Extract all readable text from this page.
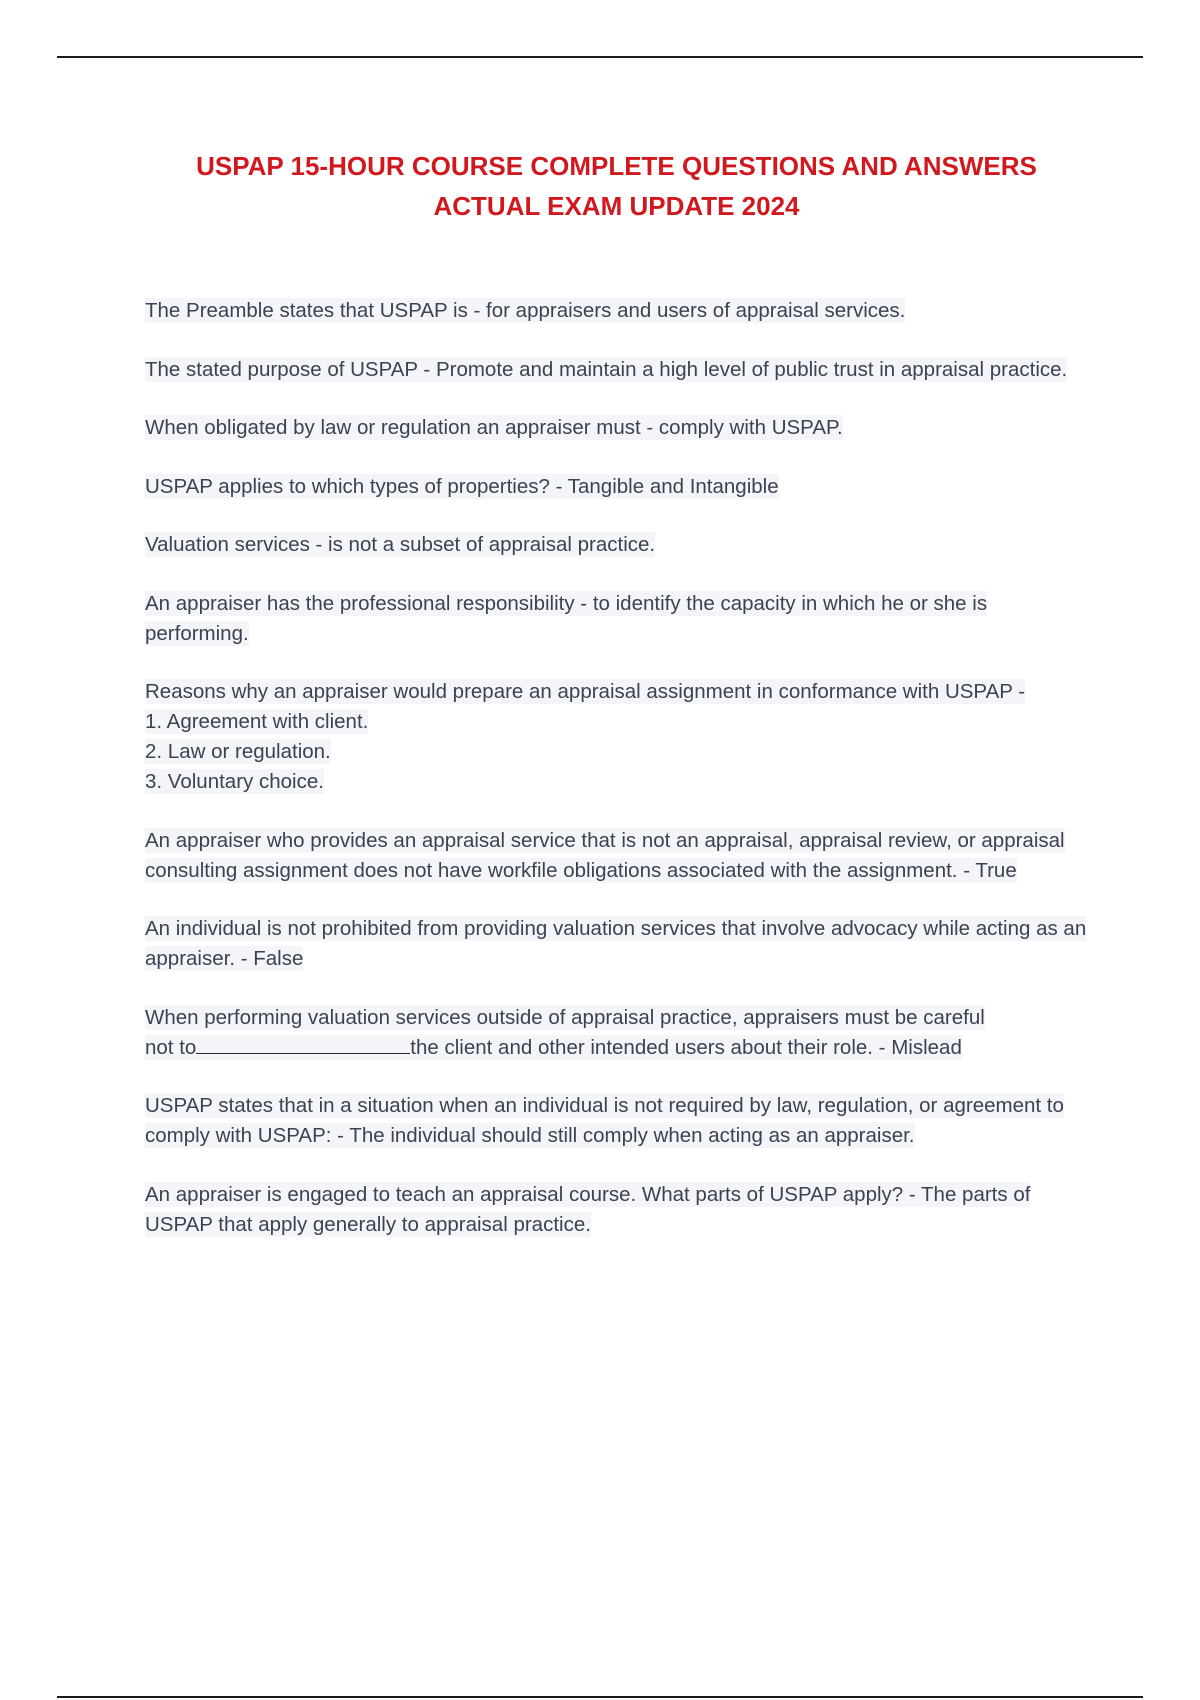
USPAP 15-HOUR COURSE COMPLETE QUESTIONS AND ANSWERS
ACTUAL EXAM UPDATE 2024

The Preamble states that USPAP is - for appraisers and users of appraisal services.

The stated purpose of USPAP - Promote and maintain a high level of public trust in appraisal practice.

When obligated by law or regulation an appraiser must - comply with USPAP.

USPAP applies to which types of properties? - Tangible and Intangible

Valuation services - is not a subset of appraisal practice.

An appraiser has the professional responsibility - to identify the capacity in which he or she is performing.

Reasons why an appraiser would prepare an appraisal assignment in conformance with USPAP -
1. Agreement with client.
2. Law or regulation.
3. Voluntary choice.

An appraiser who provides an appraisal service that is not an appraisal, appraisal review, or appraisal consulting assignment does not have workfile obligations associated with the assignment. - True

An individual is not prohibited from providing valuation services that involve advocacy while acting as an appraiser. - False

When performing valuation services outside of appraisal practice, appraisers must be careful
not to	the client and other intended users about their role. - Mislead

USPAP states that in a situation when an individual is not required by law, regulation, or agreement to comply with USPAP: - The individual should still comply when acting as an appraiser.

An appraiser is engaged to teach an appraisal course. What parts of USPAP apply? - The parts of USPAP that apply generally to appraisal practice.
